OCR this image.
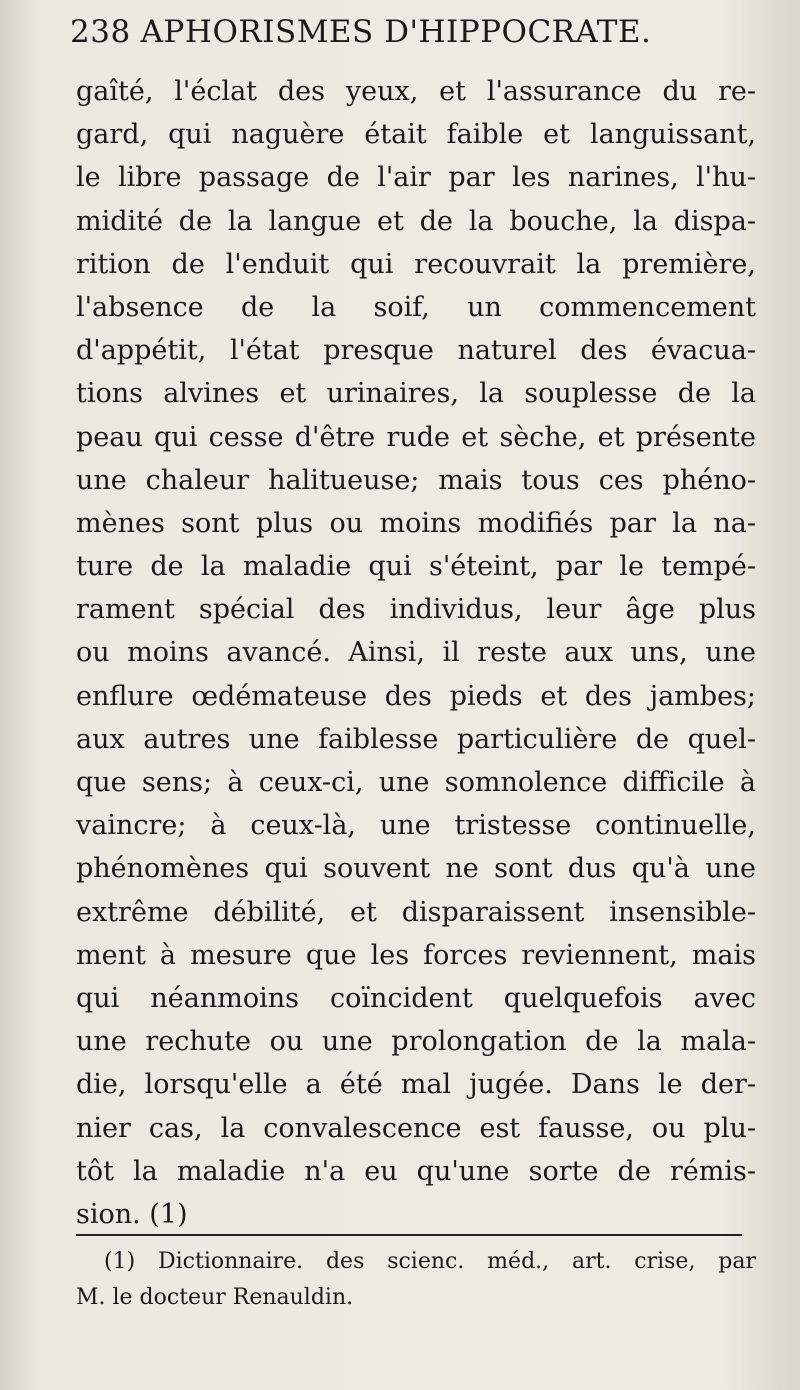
238 APHORISMES D'HIPPOCRATE.
gaîté, l'éclat des yeux, et l'assurance du re-
gard, qui naguère était faible et languissant,
le libre passage de l'air par les narines, l'hu-
midité de la langue et de la bouche, la dispa-
rition de l'enduit qui recouvrait la première,
l'absence de la soif, un commencement
d'appétit, l'état presque naturel des évacua-
tions alvines et urinaires, la souplesse de la
peau qui cesse d'être rude et sèche, et présente
une chaleur halitueuse; mais tous ces phéno-
mènes sont plus ou moins modifiés par la na-
ture de la maladie qui s'éteint, par le tempé-
rament spécial des individus, leur âge plus
ou moins avancé. Ainsi, il reste aux uns, une
enflure œdémateuse des pieds et des jambes;
aux autres une faiblesse particulière de quel-
que sens; à ceux-ci, une somnolence difficile à
vaincre; à ceux-là, une tristesse continuelle,
phénomènes qui souvent ne sont dus qu'à une
extrême débilité, et disparaissent insensible-
ment à mesure que les forces reviennent, mais
qui néanmoins coïncident quelquefois avec
une rechute ou une prolongation de la mala-
die, lorsqu'elle a été mal jugée. Dans le der-
nier cas, la convalescence est fausse, ou plu-
tôt la maladie n'a eu qu'une sorte de rémis-
sion. (1)
(1) Dictionnaire. des scienc. méd., art. crise, par
M. le docteur Renauldin.
